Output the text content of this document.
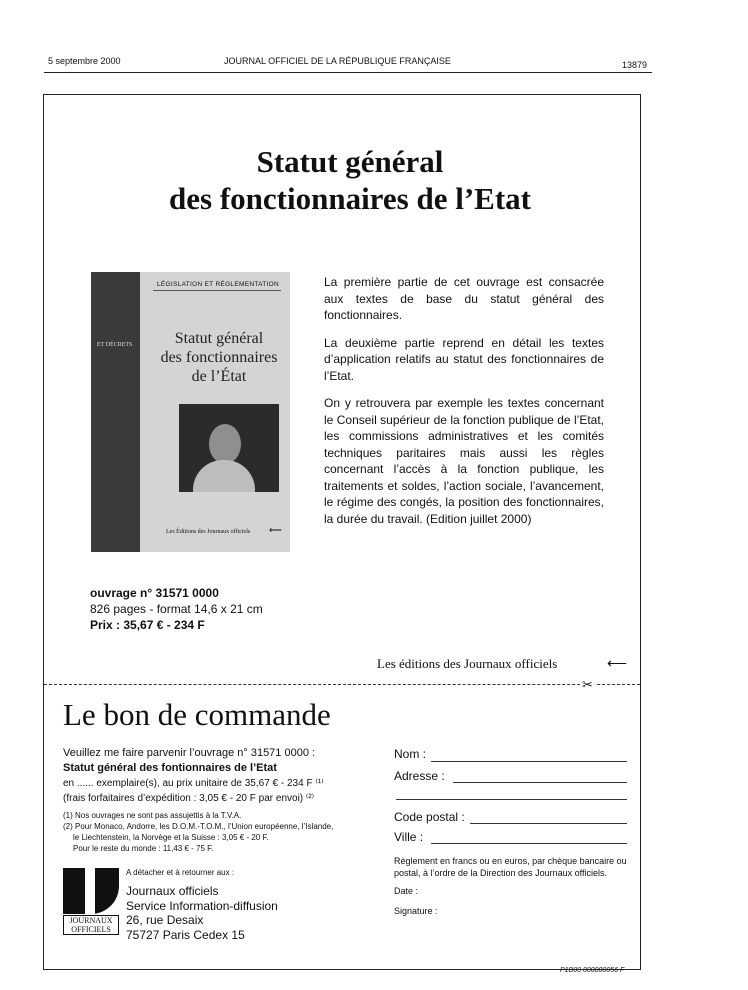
5 septembre 2000	JOURNAL OFFICIEL DE LA RÉPUBLIQUE FRANÇAISE	13879
Statut général
des fonctionnaires de l’Etat
ET DÉCRETS
LÉGISLATION ET RÉGLEMENTATION
Statut général
des fonctionnaires
de l’État
Les Éditions des Journaux officiels ⟵

La première partie de cet ouvrage est consacrée aux textes de base du statut général des fonctionnaires.

La deuxième partie reprend en détail les textes d’application relatifs au statut des fonctionnaires de l’Etat.

On y retrouvera par exemple les textes concernant le Conseil supérieur de la fonction publique de l’Etat, les commissions administratives et les comités techniques paritaires mais aussi les règles concernant l’accès à la fonction publique, les traitements et soldes, l’action sociale, l’avancement, le régime des congés, la position des fonctionnaires, la durée du travail. (Edition juillet 2000)

ouvrage n° 31571 0000
826 pages - format 14,6 x 21 cm
Prix : 35,67 € - 234 F
Les éditions des Journaux officiels	⟵
✂
Le bon de commande
Veuillez me faire parvenir l’ouvrage n° 31571 0000 :
Statut général des fontionnaires de l’Etat
en ...... exemplaire(s), au prix unitaire de 35,67 € - 234 F ⁽¹⁾
(frais forfaitaires d’expédition : 3,05 € - 20 F par envoi) ⁽²⁾
(1) Nos ouvrages ne sont pas assujettis à la T.V.A.
(2) Pour Monaco, Andorre, les D.O.M.-T.O.M., l’Union européenne, l’Islande,
le Liechtenstein, la Norvège et la Suisse : 3,05 € - 20 F.
Pour le reste du monde : 11,43 € - 75 F.
A détacher et à retourner aux :
JOURNAUX
OFFICIELS
Journaux officiels
Service Information-diffusion
26, rue Desaix
75727 Paris Cedex 15
Nom :
Adresse :
Code postal :
Ville :
Règlement en francs ou en euros, par chèque bancaire ou postal, à l’ordre de la Direction des Journaux officiels.
Date :
Signature :
P1B00 000000056 F
